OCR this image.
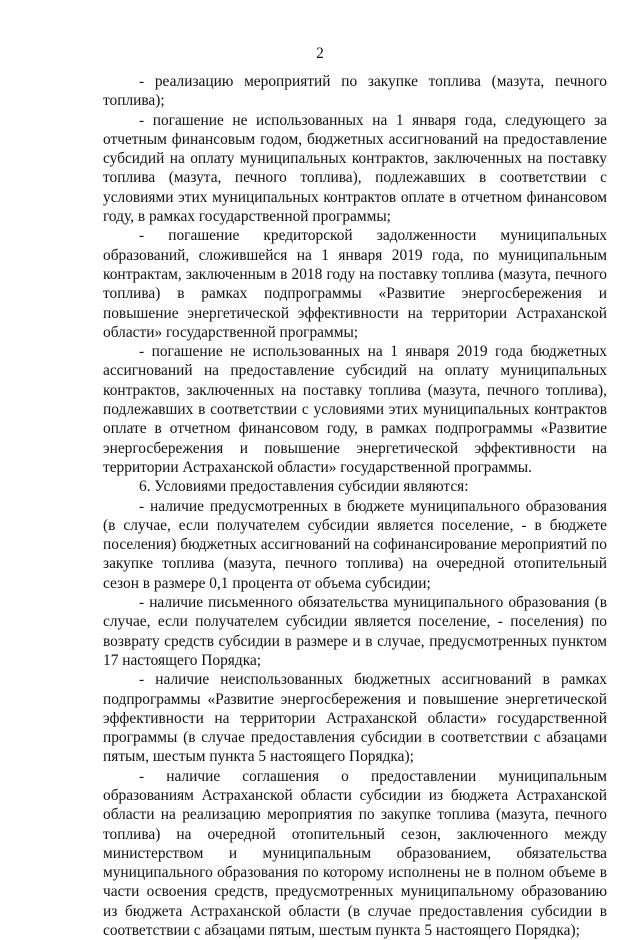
2

- реализацию мероприятий по закупке топлива (мазута, печного топлива);

- погашение не использованных на 1 января года, следующего за отчетным финансовым годом, бюджетных ассигнований на предоставление субсидий на оплату муниципальных контрактов, заключенных на поставку топлива (мазута, печного топлива), подлежавших в соответствии с условиями этих муниципальных контрактов оплате в отчетном финансовом году, в рамках государственной программы;

- погашение кредиторской задолженности муниципальных образований, сложившейся на 1 января 2019 года, по муниципальным контрактам, заключенным в 2018 году на поставку топлива (мазута, печного топлива) в рамках подпрограммы «Развитие энергосбережения и повышение энергетической эффективности на территории Астраханской области» государственной программы;

- погашение не использованных на 1 января 2019 года бюджетных ассигнований на предоставление субсидий на оплату муниципальных контрактов, заключенных на поставку топлива (мазута, печного топлива), подлежавших в соответствии с условиями этих муниципальных контрактов оплате в отчетном финансовом году, в рамках подпрограммы «Развитие энергосбережения и повышение энергетической эффективности на территории Астраханской области» государственной программы.

6. Условиями предоставления субсидии являются:

- наличие предусмотренных в бюджете муниципального образования (в случае, если получателем субсидии является поселение, - в бюджете поселения) бюджетных ассигнований на софинансирование мероприятий по закупке топлива (мазута, печного топлива) на очередной отопительный сезон в размере 0,1 процента от объема субсидии;

- наличие письменного обязательства муниципального образования (в случае, если получателем субсидии является поселение, - поселения) по возврату средств субсидии в размере и в случае, предусмотренных пунктом 17 настоящего Порядка;

- наличие неиспользованных бюджетных ассигнований в рамках подпрограммы «Развитие энергосбережения и повышение энергетической эффективности на территории Астраханской области» государственной программы (в случае предоставления субсидии в соответствии с абзацами пятым, шестым пункта 5 настоящего Порядка);

- наличие соглашения о предоставлении муниципальным образованиям Астраханской области субсидии из бюджета Астраханской области на реализацию мероприятия по закупке топлива (мазута, печного топлива) на очередной отопительный сезон, заключенного между министерством и муниципальным образованием, обязательства муниципального образования по которому исполнены не в полном объеме в части освоения средств, предусмотренных муниципальному образованию из бюджета Астраханской области (в случае предоставления субсидии в соответствии с абзацами пятым, шестым пункта 5 настоящего Порядка);
